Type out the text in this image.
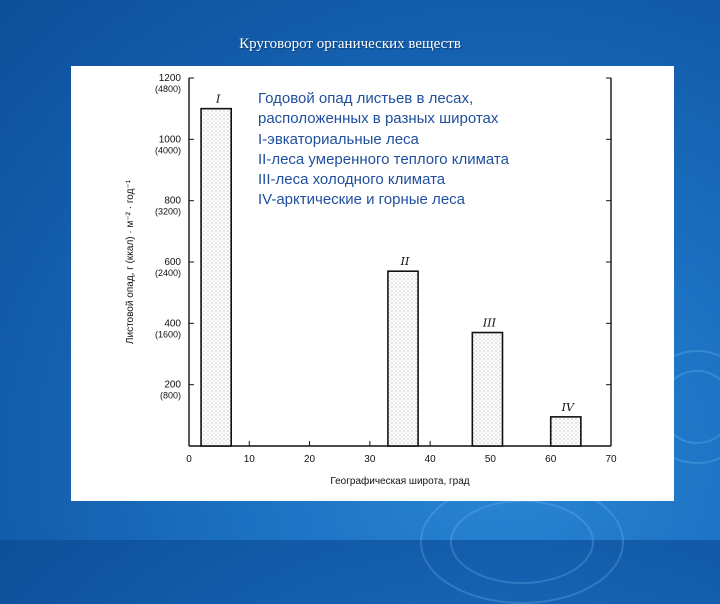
Круговорот органических веществ
0	10	20	30	40	50	60	70
200
(800)
400
(1600)
600
(2400)
800
(3200)
1000
(4000)
1200
(4800)
I
II
III
IV
Географическая широта, град
Листовой опад, г (ккал) · м⁻² · год⁻¹
Годовой опад листьев в лесах,
расположенных в разных широтах
I-эвкаториальные леса
II-леса умеренного теплого климата
III-леса холодного климата
IV-арктические и горные леса
